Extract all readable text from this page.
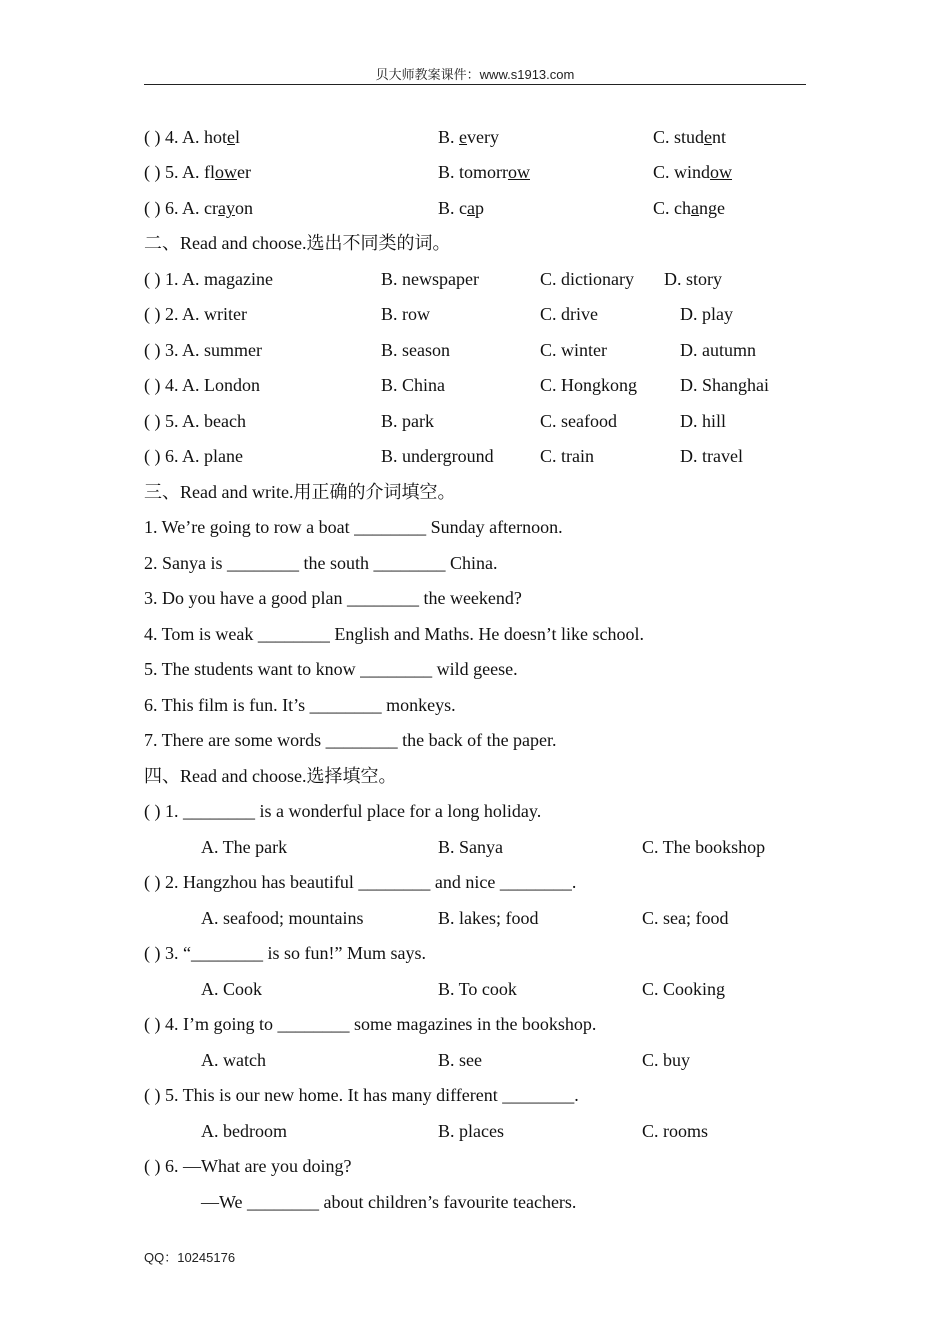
贝大师教案课件：www.s1913.com
( ) 4. A. hotel	B. every	C. student
( ) 5. A. flower	B. tomorrow	C. window
( ) 6. A. crayon	B. cap	C. change
二、Read and choose.选出不同类的词。
( ) 1. A. magazine	B. newspaper	C. dictionary D. story
( ) 2. A. writer	B. row	C. drive	D. play
( ) 3. A. summer	B. season	C. winter	D. autumn
( ) 4. A. London	B. China	C. Hongkong D. Shanghai
( ) 5. A. beach	B. park	C. seafood	D. hill
( ) 6. A. plane	B. underground	C. train	D. travel
三、Read and write.用正确的介词填空。
1. We’re going to row a boat ________ Sunday afternoon.
2. Sanya is ________ the south ________ China.
3. Do you have a good plan ________ the weekend?
4. Tom is weak ________ English and Maths. He doesn’t like school.
5. The students want to know ________ wild geese.
6. This film is fun. It’s ________ monkeys.
7. There are some words ________ the back of the paper.
四、Read and choose.选择填空。
( ) 1. ________ is a wonderful place for a long holiday.
A. The park	B. Sanya	C. The bookshop
( ) 2. Hangzhou has beautiful ________ and nice ________.
A. seafood; mountains	B. lakes; food	C. sea; food
( ) 3. “________ is so fun!” Mum says.
A. Cook	B. To cook	C. Cooking
( ) 4. I’m going to ________ some magazines in the bookshop.
A. watch	B. see	C. buy
( ) 5. This is our new home. It has many different ________.
A. bedroom	B. places	C. rooms
( ) 6. —What are you doing?
—We ________ about children’s favourite teachers.
QQ：10245176
